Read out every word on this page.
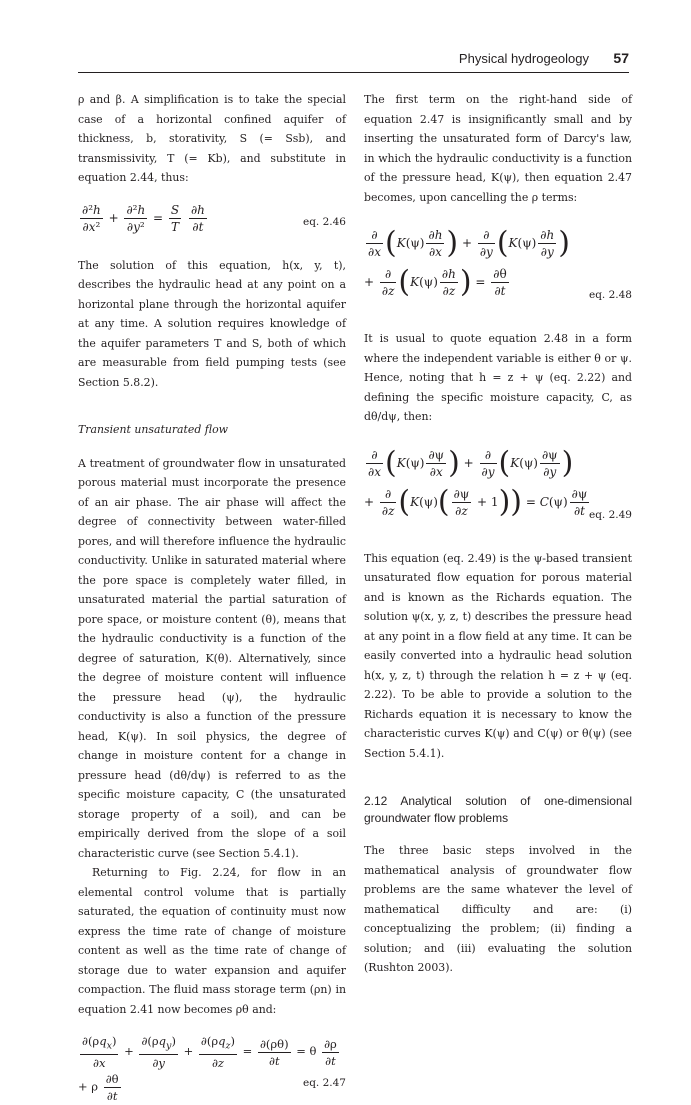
Physical hydrogeology 57

ρ and β. A simplification is to take the special case of a horizontal confined aquifer of thickness, b, storativity, S (= Ssb), and transmissivity, T (= Kb), and substitute in equation 2.44, thus:

$\frac{\text{∂²h}}{\text{∂x²}} + \frac{\text{∂²h}}{\text{∂y²}} = \frac{S}{T}$
$\frac{\partial h}{\partial t}$	eq. 2.46

The solution of this equation, h(x, y, t), describes the hydraulic head at any point on a horizontal plane through the horizontal aquifer at any time. A solution requires knowledge of the aquifer parameters T and S, both of which are measurable from field pumping tests (see Section 5.8.2).

Transient unsaturated flow

A treatment of groundwater flow in unsaturated porous material must incorporate the presence of an air phase. The air phase will affect the degree of connectivity between water-filled pores, and will therefore influence the hydraulic conductivity. Unlike in saturated material where the pore space is completely water filled, in unsaturated material the partial saturation of pore space, or moisture content (θ), means that the hydraulic conductivity is a function of the degree of saturation, K(θ). Alternatively, since the degree of moisture content will influence the pressure head (ψ), the hydraulic conductivity is also a function of the pressure head, K(ψ). In soil physics, the degree of change in moisture content for a change in pressure head (dθ/dψ) is referred to as the specific moisture capacity, C (the unsaturated storage property of a soil), and can be empirically derived from the slope of a soil characteristic curve (see Section 5.4.1).

Returning to Fig. 2.24, for flow in an elemental control volume that is partially saturated, the equation of continuity must now express the time rate of change of moisture content as well as the time rate of change of storage due to water expansion and aquifer compaction. The fluid mass storage term (ρn) in equation 2.41 now becomes ρθ and:

$\frac{\partial(\rho q_x)}{\partial x} + \frac{\partial(\rho q_y)}{\partial y} + \frac{\partial(\rho q_z)}{\partial z} = \frac{\partial(\rho\theta)}{\partial t} = \theta \frac{\partial\rho}{\partial t}$
+ ρ $\frac{\partial\theta}{\partial t}$	eq. 2.47

The first term on the right-hand side of equation 2.47 is insignificantly small and by inserting the unsaturated form of Darcy's law, in which the hydraulic conductivity is a function of the pressure head, K(ψ), then equation 2.47 becomes, upon cancelling the ρ terms:

$\frac{\partial}{\partial x} (K(\psi) \frac{\partial h}{\partial x}$ ) + $\frac{\partial}{\partial y} (K(\psi) \frac{\partial h}{\partial y}$ )
+ $\frac{\partial}{\partial z} (K(\psi) \frac{\partial h}{\partial z}$ ) = $\frac{\partial\theta}{\partial t}$	eq. 2.48

It is usual to quote equation 2.48 in a form where the independent variable is either θ or ψ. Hence, noting that h = z + ψ (eq. 2.22) and defining the specific moisture capacity, C, as dθ/dψ, then:

$\frac{\partial}{\partial x} (K(\psi) \frac{\partial\psi}{\partial x}$ ) + $\frac{\partial}{\partial y} (K(\psi) \frac{\partial\psi}{\partial y}$ )
+ $\frac{\partial}{\partial z} (K(\psi)( \frac{\partial\psi}{\partial z} + 1)) = C(\psi) \frac{\partial\psi}{\partial t}$ eq. 2.49

This equation (eq. 2.49) is the ψ-based transient unsaturated flow equation for porous material and is known as the Richards equation. The solution ψ(x, y, z, t) describes the pressure head at any point in a flow field at any time. It can be easily converted into a hydraulic head solution h(x, y, z, t) through the relation h = z + ψ (eq. 2.22). To be able to provide a solution to the Richards equation it is necessary to know the characteristic curves K(ψ) and C(ψ) or θ(ψ) (see Section 5.4.1).

2.12 Analytical solution of one-dimensional groundwater flow problems

The three basic steps involved in the mathematical analysis of groundwater flow problems are the same whatever the level of mathematical difficulty and are: (i) conceptualizing the problem; (ii) finding a solution; and (iii) evaluating the solution (Rushton 2003).
